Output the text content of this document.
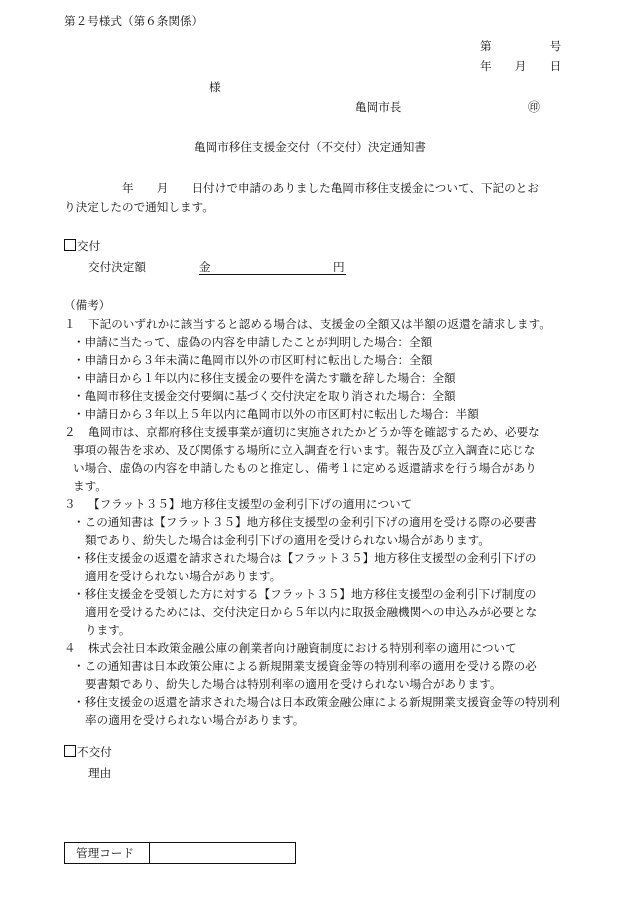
第２号様式（第６条関係）
第　　　　　号
年　　月　　日
様
亀岡市長	㊞
亀岡市移住支援金交付（不交付）決定通知書
年　　月　　日付けで申請のありました亀岡市移住支援金について、下記のとお
り決定したので通知します。
交付
交付決定額	金	円
（備考）
１ 下記のいずれかに該当すると認める場合は、支援金の全額又は半額の返還を請求します。
・申請に当たって、虚偽の内容を申請したことが判明した場合：全額
・申請日から３年未満に亀岡市以外の市区町村に転出した場合：全額
・申請日から１年以内に移住支援金の要件を満たす職を辞した場合：全額
・亀岡市移住支援金交付要綱に基づく交付決定を取り消された場合：全額
・申請日から３年以上５年以内に亀岡市以外の市区町村に転出した場合：半額
２ 亀岡市は、京都府移住支援事業が適切に実施されたかどうか等を確認するため、必要な
事項の報告を求め、及び関係する場所に立入調査を行います。報告及び立入調査に応じな
い場合、虚偽の内容を申請したものと推定し、備考１に定める返還請求を行う場合があり
ます。
３ 【フラット３５】地方移住支援型の金利引下げの適用について
・この通知書は【フラット３５】地方移住支援型の金利引下げの適用を受ける際の必要書
類であり、紛失した場合は金利引下げの適用を受けられない場合があります。
・移住支援金の返還を請求された場合は【フラット３５】地方移住支援型の金利引下げの
適用を受けられない場合があります。
・移住支援金を受領した方に対する【フラット３５】地方移住支援型の金利引下げ制度の
適用を受けるためには、交付決定日から５年以内に取扱金融機関への申込みが必要とな
ります。
４ 株式会社日本政策金融公庫の創業者向け融資制度における特別利率の適用について
・この通知書は日本政策公庫による新規開業支援資金等の特別利率の適用を受ける際の必
要書類であり、紛失した場合は特別利率の適用を受けられない場合があります。
・移住支援金の返還を請求された場合は日本政策金融公庫による新規開業支援資金等の特別利
率の適用を受けられない場合があります。
不交付
理由
管理コード
